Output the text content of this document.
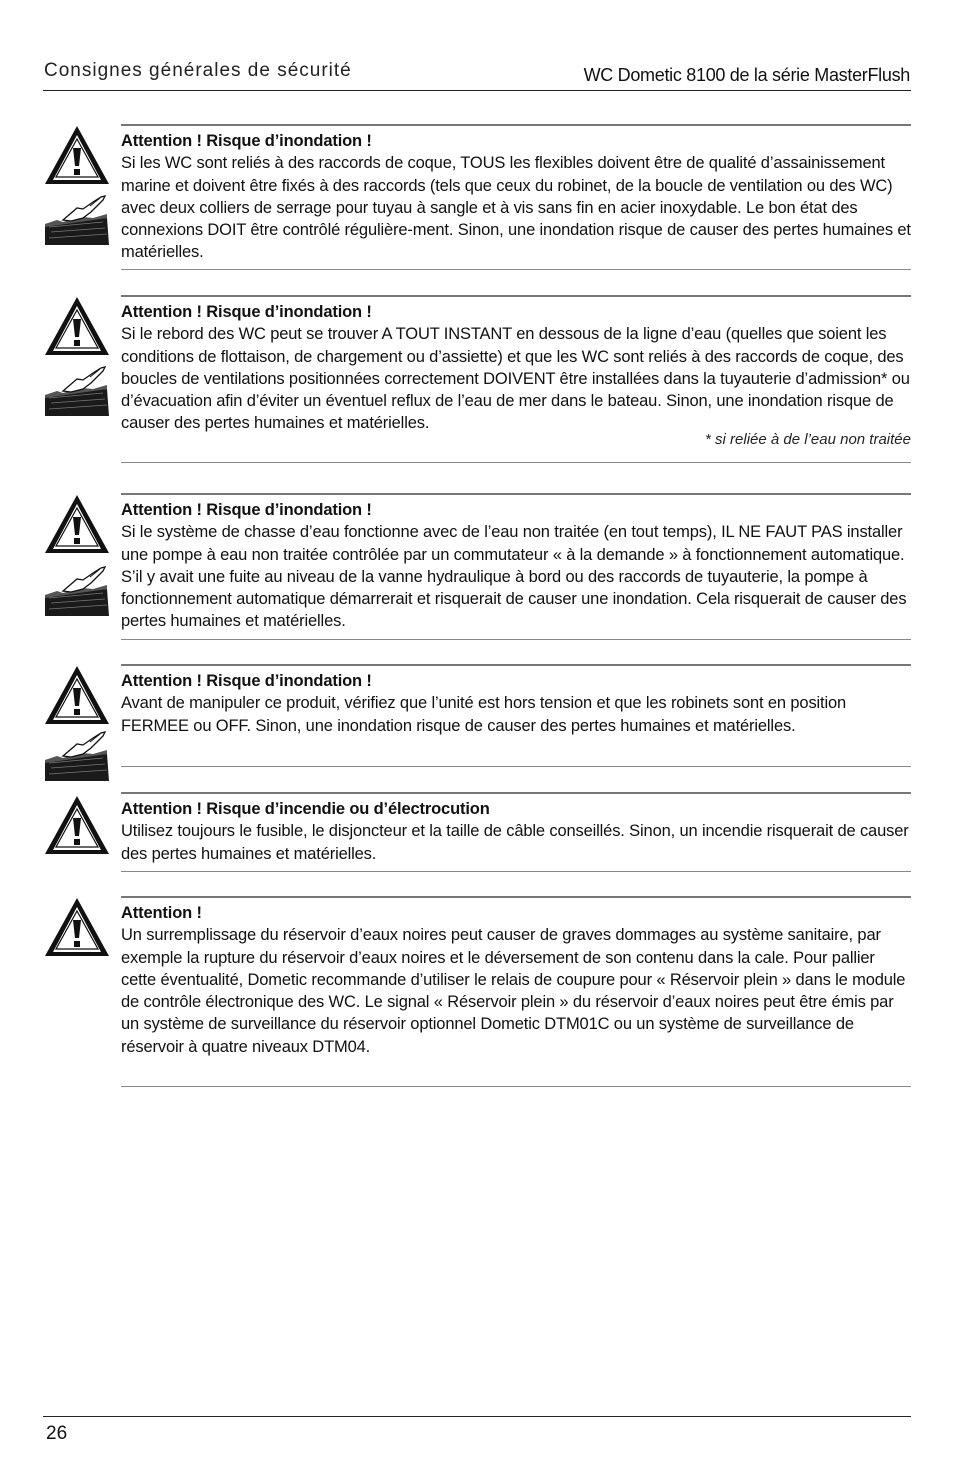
Consignes générales de sécurité	WC Dometic 8100 de la série MasterFlush
Attention ! Risque d’inondation !
Si les WC sont reliés à des raccords de coque, TOUS les flexibles doivent être de qualité d’assainissement marine et doivent être fixés à des raccords (tels que ceux du robinet, de la boucle de ventilation ou des WC) avec deux colliers de serrage pour tuyau à sangle et à vis sans fin en acier inoxydable. Le bon état des connexions DOIT être contrôlé régulière-ment. Sinon, une inondation risque de causer des pertes humaines et matérielles.
Attention ! Risque d’inondation !
Si le rebord des WC peut se trouver A TOUT INSTANT en dessous de la ligne d’eau (quelles que soient les conditions de flottaison, de chargement ou d’assiette) et que les WC sont reliés à des raccords de coque, des boucles de ventilations positionnées correctement DOIVENT être installées dans la tuyauterie d’admission* ou d’évacuation afin d’éviter un éventuel reflux de l’eau de mer dans le bateau. Sinon, une inondation risque de causer des pertes humaines et matérielles.
* si reliée à de l’eau non traitée
Attention ! Risque d’inondation !
Si le système de chasse d’eau fonctionne avec de l’eau non traitée (en tout temps), IL NE FAUT PAS installer une pompe à eau non traitée contrôlée par un commutateur « à la demande » à fonctionnement automatique. S’il y avait une fuite au niveau de la vanne hydraulique à bord ou des raccords de tuyauterie, la pompe à fonctionnement automatique démarrerait et risquerait de causer une inondation. Cela risquerait de causer des pertes humaines et matérielles.
Attention ! Risque d’inondation !
Avant de manipuler ce produit, vérifiez que l’unité est hors tension et que les robinets sont en position FERMEE ou OFF. Sinon, une inondation risque de causer des pertes humaines et matérielles.
Attention ! Risque d’incendie ou d’électrocution
Utilisez toujours le fusible, le disjoncteur et la taille de câble conseillés. Sinon, un incendie risquerait de causer des pertes humaines et matérielles.
Attention !
Un surremplissage du réservoir d’eaux noires peut causer de graves dommages au système sanitaire, par exemple la rupture du réservoir d’eaux noires et le déversement de son contenu dans la cale. Pour pallier cette éventualité, Dometic recommande d’utiliser le relais de coupure pour « Réservoir plein » dans le module de contrôle électronique des WC. Le signal « Réservoir plein » du réservoir d’eaux noires peut être émis par un système de surveillance du réservoir optionnel Dometic DTM01C ou un système de surveillance de réservoir à quatre niveaux DTM04.
26
